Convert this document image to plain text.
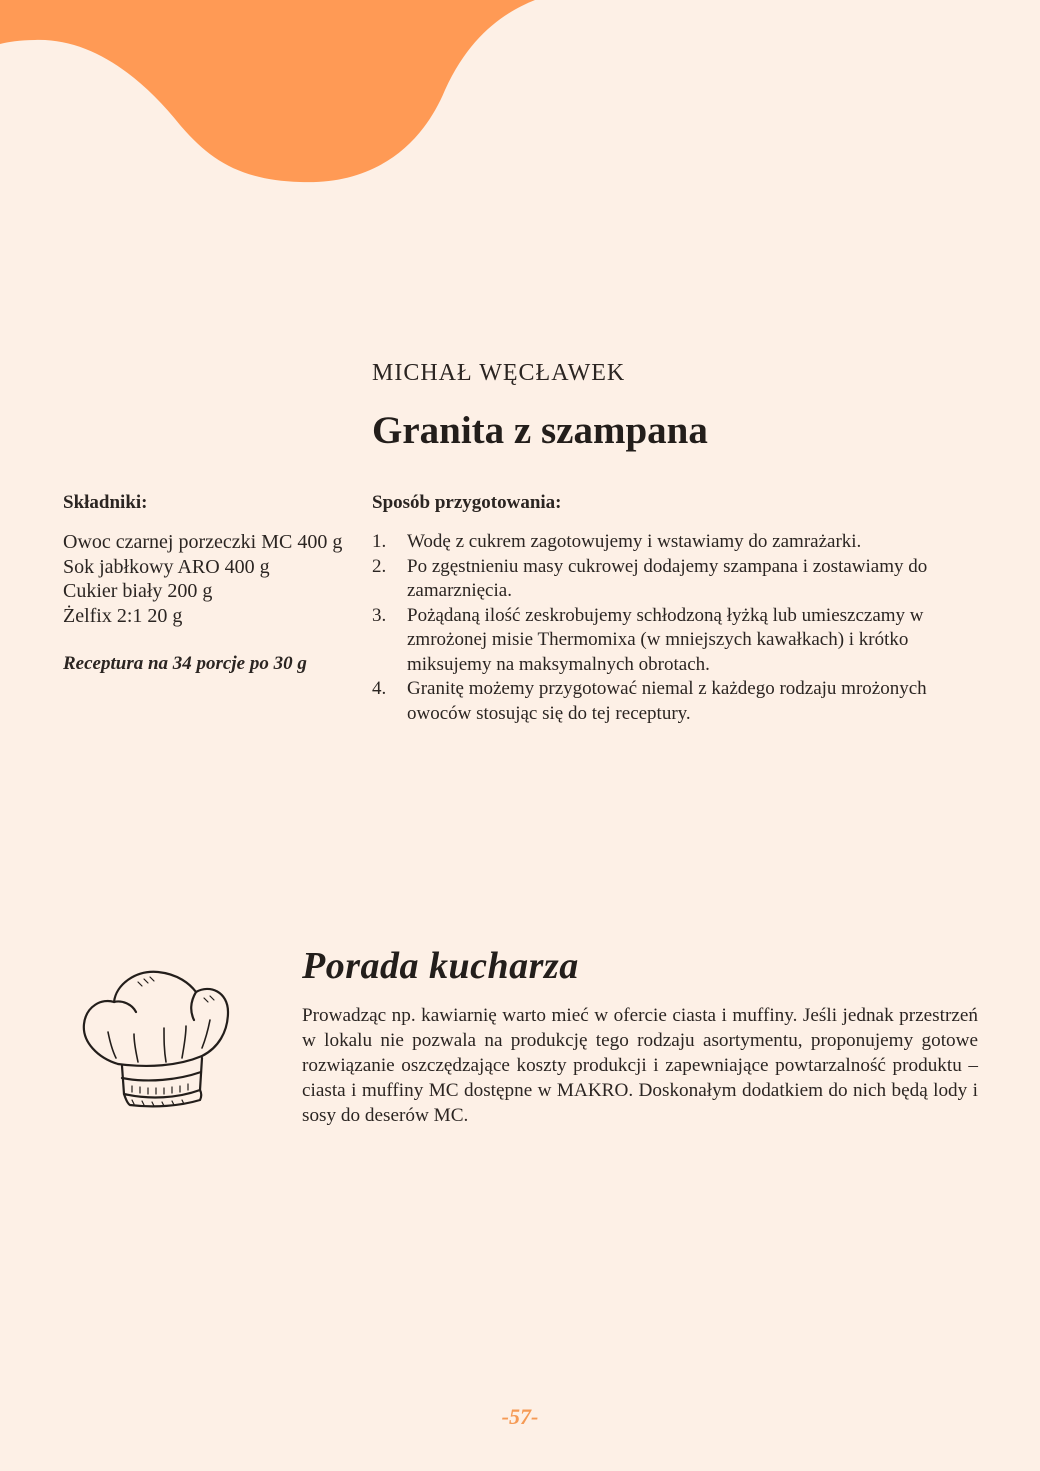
MICHAŁ WĘCŁAWEK
Granita z szampana
Składniki:
Owoc czarnej porzeczki MC 400 g
Sok jabłkowy ARO 400 g
Cukier biały 200 g
Żelfix 2:1 20 g
Receptura na 34 porcje po 30 g
Sposób przygotowania:
1.	Wodę z cukrem zagotowujemy i wstawiamy do zamrażarki.
2.	Po zgęstnieniu masy cukrowej dodajemy szampana i zostawiamy do zamarznięcia.
3.	Pożądaną ilość zeskrobujemy schłodzoną łyżką lub umieszczamy w zmrożonej misie Thermomixa (w mniejszych kawałkach) i krótko miksujemy na maksymalnych obrotach.
4.	Granitę możemy przygotować niemal z każdego rodzaju mrożonych owoców stosując się do tej receptury.
Porada kucharza

Prowadząc np. kawiarnię warto mieć w ofercie ciasta i muffiny. Jeśli jednak przestrzeń w lokalu nie pozwala na produkcję tego rodzaju asortymentu, proponujemy gotowe rozwiązanie oszczędzające koszty produkcji i zapewniające powtarzalność produktu – ciasta i muffiny MC dostępne w MAKRO. Doskonałym dodatkiem do nich będą lody i sosy do deserów MC.

-57-
